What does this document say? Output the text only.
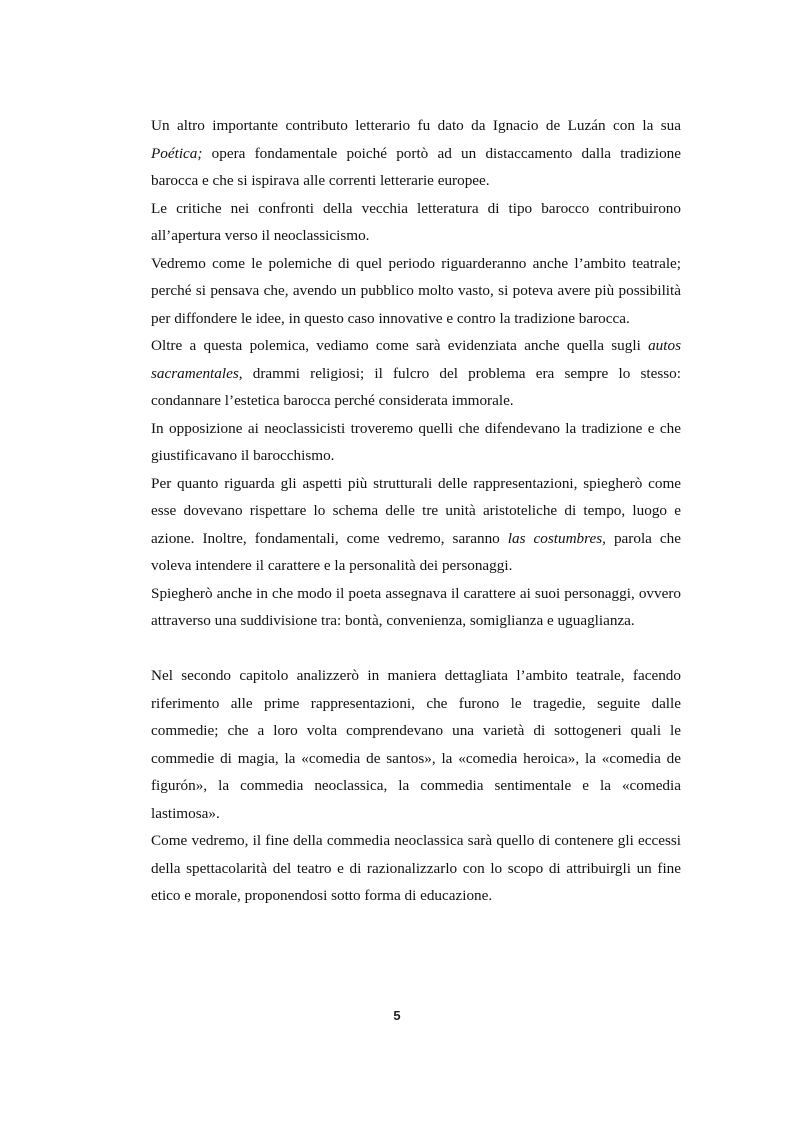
Un altro importante contributo letterario fu dato da Ignacio de Luzán con la sua Poética; opera fondamentale poiché portò ad un distaccamento dalla tradizione barocca e che si ispirava alle correnti letterarie europee.

Le critiche nei confronti della vecchia letteratura di tipo barocco contribuirono all’apertura verso il neoclassicismo.

Vedremo come le polemiche di quel periodo riguarderanno anche l’ambito teatrale; perché si pensava che, avendo un pubblico molto vasto, si poteva avere più possibilità per diffondere le idee, in questo caso innovative e contro la tradizione barocca.

Oltre a questa polemica, vediamo come sarà evidenziata anche quella sugli autos sacramentales, drammi religiosi; il fulcro del problema era sempre lo stesso: condannare l’estetica barocca perché considerata immorale.

In opposizione ai neoclassicisti troveremo quelli che difendevano la tradizione e che giustificavano il barocchismo.

Per quanto riguarda gli aspetti più strutturali delle rappresentazioni, spiegherò come esse dovevano rispettare lo schema delle tre unità aristoteliche di tempo, luogo e azione. Inoltre, fondamentali, come vedremo, saranno las costumbres, parola che voleva intendere il carattere e la personalità dei personaggi.

Spiegherò anche in che modo il poeta assegnava il carattere ai suoi personaggi, ovvero attraverso una suddivisione tra: bontà, convenienza, somiglianza e uguaglianza.

Nel secondo capitolo analizzerò in maniera dettagliata l’ambito teatrale, facendo riferimento alle prime rappresentazioni, che furono le tragedie, seguite dalle commedie; che a loro volta comprendevano una varietà di sottogeneri quali le commedie di magia, la «comedia de santos», la «comedia heroica», la «comedia de figurón», la commedia neoclassica, la commedia sentimentale e la «comedia lastimosa».

Come vedremo, il fine della commedia neoclassica sarà quello di contenere gli eccessi della spettacolarità del teatro e di razionalizzarlo con lo scopo di attribuirgli un fine etico e morale, proponendosi sotto forma di educazione.

5
